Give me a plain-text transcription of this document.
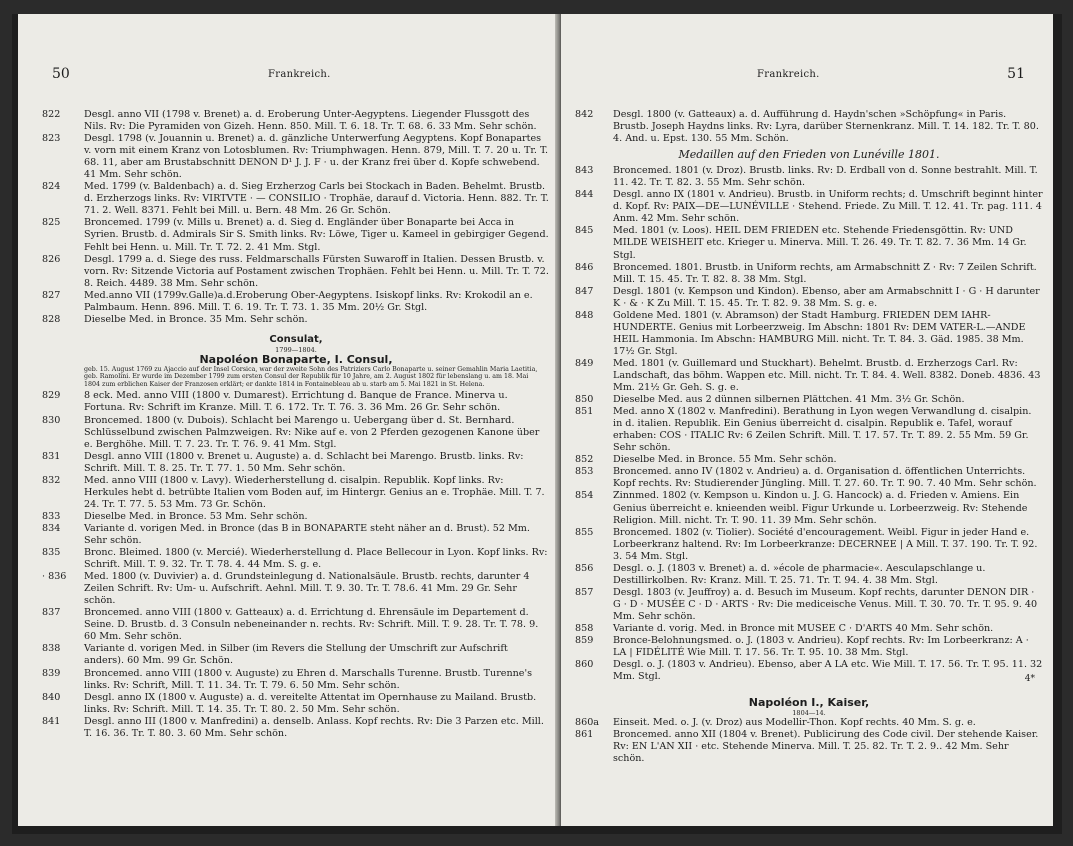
50	Frankreich.
822	Desgl. anno VII (1798 v. Brenet) a. d. Eroberung Unter-Aegyptens. Liegender Flussgott des Nils. Rv: Die Pyramiden von Gizeh. Henn. 850. Mill. T. 6. 18. Tr. T. 68. 6. 33 Mm. Sehr schön.
823	Desgl. 1798 (v. Jouannin u. Brenet) a. d. gänzliche Unterwerfung Aegyptens. Kopf Bonapartes v. vorn mit einem Kranz von Lotosblumen. Rv: Triumphwagen. Henn. 879, Mill. T. 7. 20 u. Tr. T. 68. 11, aber am Brustabschnitt DENON D¹ J. J. F · u. der Kranz frei über d. Kopfe schwebend. 41 Mm. Sehr schön.
824	Med. 1799 (v. Baldenbach) a. d. Sieg Erzherzog Carls bei Stockach in Baden. Behelmt. Brustb. d. Erzherzogs links. Rv: VIRTVTE · — CONSILIO · Trophäe, darauf d. Victoria. Henn. 882. Tr. T. 71. 2. Well. 8371. Fehlt bei Mill. u. Bern. 48 Mm. 26 Gr. Schön.
825	Broncemed. 1799 (v. Mills u. Brenet) a. d. Sieg d. Engländer über Bonaparte bei Acca in Syrien. Brustb. d. Admirals Sir S. Smith links. Rv: Löwe, Tiger u. Kameel in gebirgiger Gegend. Fehlt bei Henn. u. Mill. Tr. T. 72. 2. 41 Mm. Stgl.
826	Desgl. 1799 a. d. Siege des russ. Feldmarschalls Fürsten Suwaroff in Italien. Dessen Brustb. v. vorn. Rv: Sitzende Victoria auf Postament zwischen Trophäen. Fehlt bei Henn. u. Mill. Tr. T. 72. 8. Reich. 4489. 38 Mm. Sehr schön.
827	Med.anno VII (1799v.Galle)a.d.Eroberung Ober-Aegyptens. Isiskopf links. Rv: Krokodil an e. Palmbaum. Henn. 896. Mill. T. 6. 19. Tr. T. 73. 1. 35 Mm. 20½ Gr. Stgl.
828	Dieselbe Med. in Bronce. 35 Mm. Sehr schön.
Consulat,
1799—1804.
Napoléon Bonaparte, I. Consul,
geb. 15. August 1769 zu Ajaccio auf der Insel Corsica, war der zweite Sohn des Patriziers Carlo Bonaparte u. seiner Gemahlin Maria Laetitia, geb. Ramolini. Er wurde im Dezember 1799 zum ersten Consul der Republik für 10 Jahre, am 2. August 1802 für lebenslang u. am 18. Mai 1804 zum erblichen Kaiser der Franzosen erklärt; er dankte 1814 in Fontainebleau ab u. starb am 5. Mai 1821 in St. Helena.
829	8 eck. Med. anno VIII (1800 v. Dumarest). Errichtung d. Banque de France. Minerva u. Fortuna. Rv: Schrift im Kranze. Mill. T. 6. 172. Tr. T. 76. 3. 36 Mm. 26 Gr. Sehr schön.
830	Broncemed. 1800 (v. Dubois). Schlacht bei Marengo u. Uebergang über d. St. Bernhard. Schlüsselbund zwischen Palmzweigen. Rv: Nike auf e. von 2 Pferden gezogenen Kanone über e. Berghöhe. Mill. T. 7. 23. Tr. T. 76. 9. 41 Mm. Stgl.
831	Desgl. anno VIII (1800 v. Brenet u. Auguste) a. d. Schlacht bei Marengo. Brustb. links. Rv: Schrift. Mill. T. 8. 25. Tr. T. 77. 1. 50 Mm. Sehr schön.
832	Med. anno VIII (1800 v. Lavy). Wiederherstellung d. cisalpin. Republik. Kopf links. Rv: Herkules hebt d. betrübte Italien vom Boden auf, im Hintergr. Genius an e. Trophäe. Mill. T. 7. 24. Tr. T. 77. 5. 53 Mm. 73 Gr. Schön.
833	Dieselbe Med. in Bronce. 53 Mm. Sehr schön.
834	Variante d. vorigen Med. in Bronce (das B in BONAPARTE steht näher an d. Brust). 52 Mm. Sehr schön.
835	Bronc. Bleimed. 1800 (v. Mercié). Wiederherstellung d. Place Bellecour in Lyon. Kopf links. Rv: Schrift. Mill. T. 9. 32. Tr. T. 78. 4. 44 Mm. S. g. e.
· 836	Med. 1800 (v. Duvivier) a. d. Grundsteinlegung d. Nationalsäule. Brustb. rechts, darunter 4 Zeilen Schrift. Rv: Um- u. Aufschrift. Aehnl. Mill. T. 9. 30. Tr. T. 78.6. 41 Mm. 29 Gr. Sehr schön.
837	Broncemed. anno VIII (1800 v. Gatteaux) a. d. Errichtung d. Ehrensäule im Departement d. Seine. D. Brustb. d. 3 Consuln nebeneinander n. rechts. Rv: Schrift. Mill. T. 9. 28. Tr. T. 78. 9. 60 Mm. Sehr schön.
838	Variante d. vorigen Med. in Silber (im Revers die Stellung der Umschrift zur Aufschrift anders). 60 Mm. 99 Gr. Schön.
839	Broncemed. anno VIII (1800 v. Auguste) zu Ehren d. Marschalls Turenne. Brustb. Turenne's links. Rv: Schrift, Mill. T. 11. 34. Tr. T. 79. 6. 50 Mm. Sehr schön.
840	Desgl. anno IX (1800 v. Auguste) a. d. vereitelte Attentat im Opernhause zu Mailand. Brustb. links. Rv: Schrift. Mill. T. 14. 35. Tr. T. 80. 2. 50 Mm. Sehr schön.
841	Desgl. anno III (1800 v. Manfredini) a. denselb. Anlass. Kopf rechts. Rv: Die 3 Parzen etc. Mill. T. 16. 36. Tr. T. 80. 3. 60 Mm. Sehr schön.
Frankreich.	51
842	Desgl. 1800 (v. Gatteaux) a. d. Aufführung d. Haydn'schen »Schöpfung« in Paris. Brustb. Joseph Haydns links. Rv: Lyra, darüber Sternenkranz. Mill. T. 14. 182. Tr. T. 80. 4. And. u. Epst. 130. 55 Mm. Schön.
Medaillen auf den Frieden von Lunéville 1801.
843	Broncemed. 1801 (v. Droz). Brustb. links. Rv: D. Erdball von d. Sonne bestrahlt. Mill. T. 11. 42. Tr. T. 82. 3. 55 Mm. Sehr schön.
844	Desgl. anno IX (1801 v. Andrieu). Brustb. in Uniform rechts; d. Umschrift beginnt hinter d. Kopf. Rv: PAIX—DE—LUNÉVILLE · Stehend. Friede. Zu Mill. T. 12. 41. Tr. pag. 111. 4 Anm. 42 Mm. Sehr schön.
845	Med. 1801 (v. Loos). HEIL DEM FRIEDEN etc. Stehende Friedensgöttin. Rv: UND MILDE WEISHEIT etc. Krieger u. Minerva. Mill. T. 26. 49. Tr. T. 82. 7. 36 Mm. 14 Gr. Stgl.
846	Broncemed. 1801. Brustb. in Uniform rechts, am Armabschnitt Z · Rv: 7 Zeilen Schrift. Mill. T. 15. 45. Tr. T. 82. 8. 38 Mm. Stgl.
847	Desgl. 1801 (v. Kempson und Kindon). Ebenso, aber am Armabschnitt I · G · H darunter K · & · K Zu Mill. T. 15. 45. Tr. T. 82. 9. 38 Mm. S. g. e.
848	Goldene Med. 1801 (v. Abramson) der Stadt Hamburg. FRIEDEN DEM IAHR-HUNDERTE. Genius mit Lorbeerzweig. Im Abschn: 1801 Rv: DEM VATER-L.—ANDE HEIL Hammonia. Im Abschn: HAMBURG Mill. nicht. Tr. T. 84. 3. Gäd. 1985. 38 Mm. 17½ Gr. Stgl.
849	Med. 1801 (v. Guillemard und Stuckhart). Behelmt. Brustb. d. Erzherzogs Carl. Rv: Landschaft, das böhm. Wappen etc. Mill. nicht. Tr. T. 84. 4. Well. 8382. Doneb. 4836. 43 Mm. 21½ Gr. Geh. S. g. e.
850	Dieselbe Med. aus 2 dünnen silbernen Plättchen. 41 Mm. 3½ Gr. Schön.
851	Med. anno X (1802 v. Manfredini). Berathung in Lyon wegen Verwandlung d. cisalpin. in d. italien. Republik. Ein Genius überreicht d. cisalpin. Republik e. Tafel, worauf erhaben: COS · ITALIC Rv: 6 Zeilen Schrift. Mill. T. 17. 57. Tr. T. 89. 2. 55 Mm. 59 Gr. Sehr schön.
852	Dieselbe Med. in Bronce. 55 Mm. Sehr schön.
853	Broncemed. anno IV (1802 v. Andrieu) a. d. Organisation d. öffentlichen Unterrichts. Kopf rechts. Rv: Studierender Jüngling. Mill. T. 27. 60. Tr. T. 90. 7. 40 Mm. Sehr schön.
854	Zinnmed. 1802 (v. Kempson u. Kindon u. J. G. Hancock) a. d. Frieden v. Amiens. Ein Genius überreicht e. knieenden weibl. Figur Urkunde u. Lorbeerzweig. Rv: Stehende Religion. Mill. nicht. Tr. T. 90. 11. 39 Mm. Sehr schön.
855	Broncemed. 1802 (v. Tiolier). Société d'encouragement. Weibl. Figur in jeder Hand e. Lorbeerkranz haltend. Rv: Im Lorbeerkranze: DECERNEE | A Mill. T. 37. 190. Tr. T. 92. 3. 54 Mm. Stgl.
856	Desgl. o. J. (1803 v. Brenet) a. d. »école de pharmacie«. Aesculapschlange u. Destillirkolben. Rv: Kranz. Mill. T. 25. 71. Tr. T. 94. 4. 38 Mm. Stgl.
857	Desgl. 1803 (v. Jeuffroy) a. d. Besuch im Museum. Kopf rechts, darunter DENON DIR · G · D · MUSÉE C · D · ARTS · Rv: Die mediceische Venus. Mill. T. 30. 70. Tr. T. 95. 9. 40 Mm. Sehr schön.
858	Variante d. vorig. Med. in Bronce mit MUSEE C · D'ARTS 40 Mm. Sehr schön.
859	Bronce-Belohnungsmed. o. J. (1803 v. Andrieu). Kopf rechts. Rv: Im Lorbeerkranz: A · LA | FIDÉLITÉ Wie Mill. T. 17. 56. Tr. T. 95. 10. 38 Mm. Stgl.
860	Desgl. o. J. (1803 v. Andrieu). Ebenso, aber A LA etc. Wie Mill. T. 17. 56. Tr. T. 95. 11. 32 Mm. Stgl.
Napoléon I., Kaiser,
1804—14.
860a	Einseit. Med. o. J. (v. Droz) aus Modellir-Thon. Kopf rechts. 40 Mm. S. g. e.
861	Broncemed. anno XII (1804 v. Brenet). Publicirung des Code civil. Der stehende Kaiser. Rv: EN L'AN XII · etc. Stehende Minerva. Mill. T. 25. 82. Tr. T. 2. 9.. 42 Mm. Sehr schön.
4*
